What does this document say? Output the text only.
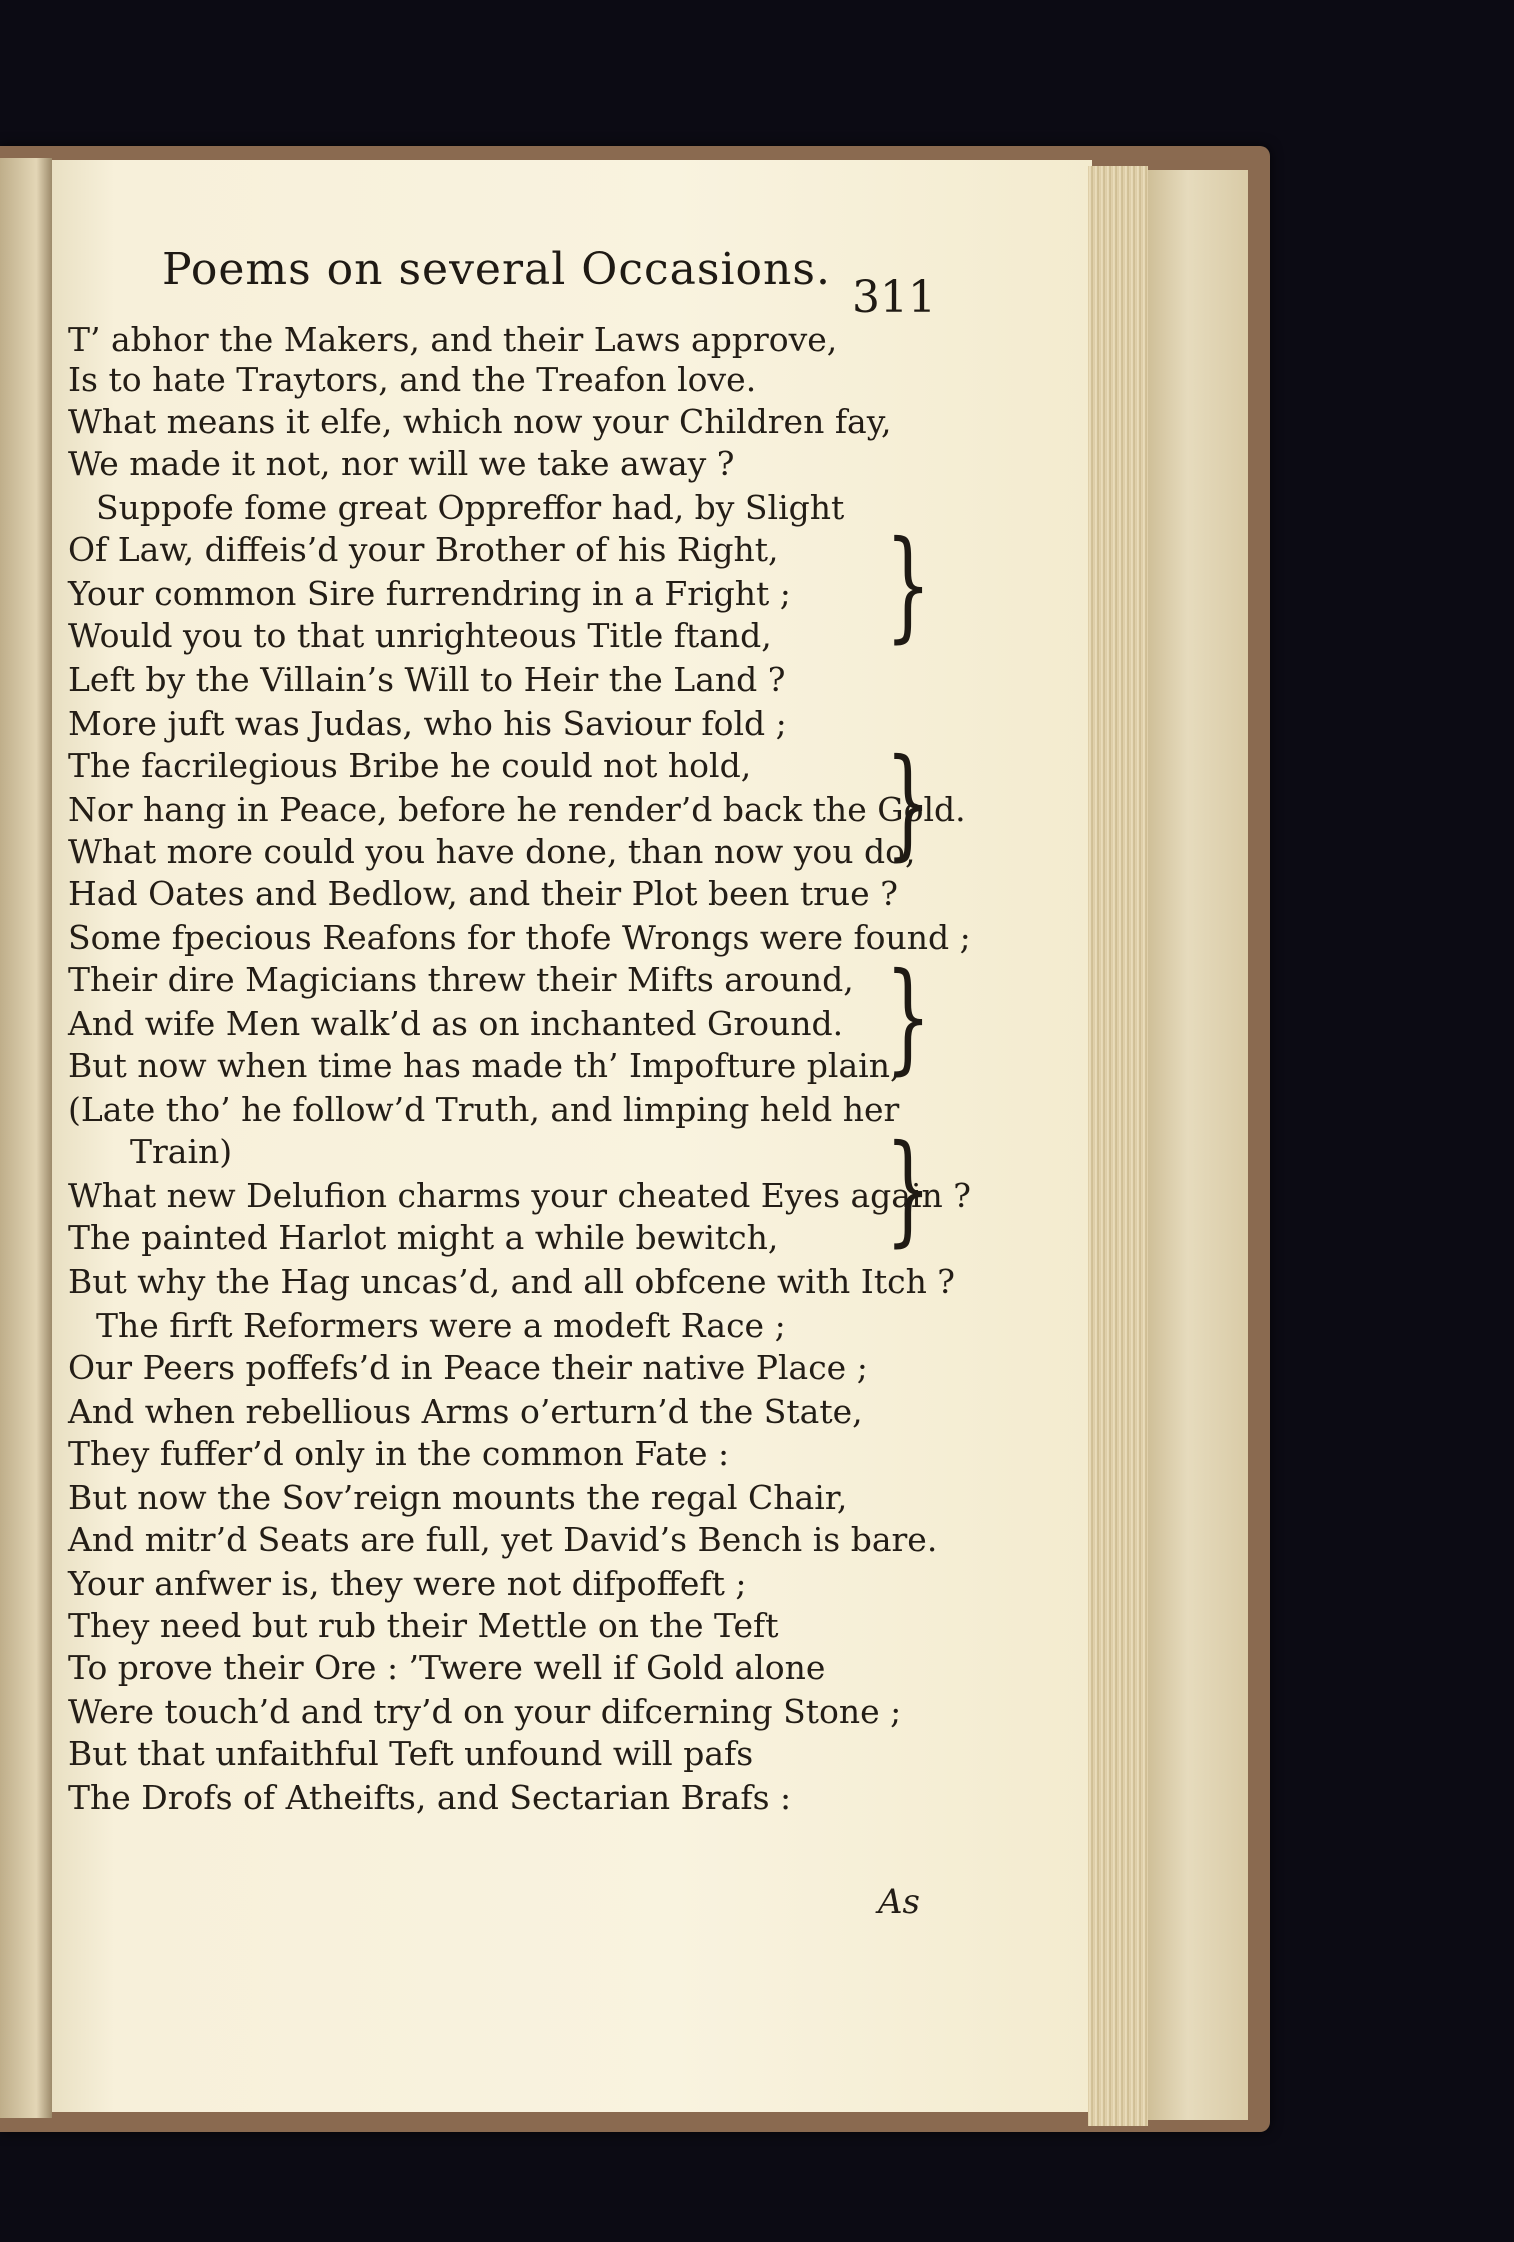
Poems on several Occasions.
311
T’ abhor the Makers, and their Laws approve,
Is to hate Traytors, and the Treafon love.
What means it elfe, which now your Children fay,
We made it not, nor will we take away ?
Suppofe fome great Oppreffor had, by Slight
Of Law, diffeis’d your Brother of his Right,
Your common Sire furrendring in a Fright ;
Would you to that unrighteous Title ftand,
Left by the Villain’s Will to Heir the Land ?
More juft was Judas, who his Saviour fold ;
The facrilegious Bribe he could not hold,
Nor hang in Peace, before he render’d back the Gold.
What more could you have done, than now you do,
Had Oates and Bedlow, and their Plot been true ?
Some fpecious Reafons for thofe Wrongs were found ;
Their dire Magicians threw their Mifts around,
And wife Men walk’d as on inchanted Ground.
But now when time has made th’ Impofture plain,
(Late tho’ he follow’d Truth, and limping held her
Train)
What new Delufion charms your cheated Eyes again ?
The painted Harlot might a while bewitch,
But why the Hag uncas’d, and all obfcene with Itch ?
The firft Reformers were a modeft Race ;
Our Peers poffefs’d in Peace their native Place ;
And when rebellious Arms o’erturn’d the State,
They fuffer’d only in the common Fate :
But now the Sov’reign mounts the regal Chair,
And mitr’d Seats are full, yet David’s Bench is bare.
Your anfwer is, they were not difpoffeft ;
They need but rub their Mettle on the Teft
To prove their Ore : ’Twere well if Gold alone
Were touch’d and try’d on your difcerning Stone ;
But that unfaithful Teft unfound will pafs
The Drofs of Atheifts, and Sectarian Brafs :
}
}
}
}
As
